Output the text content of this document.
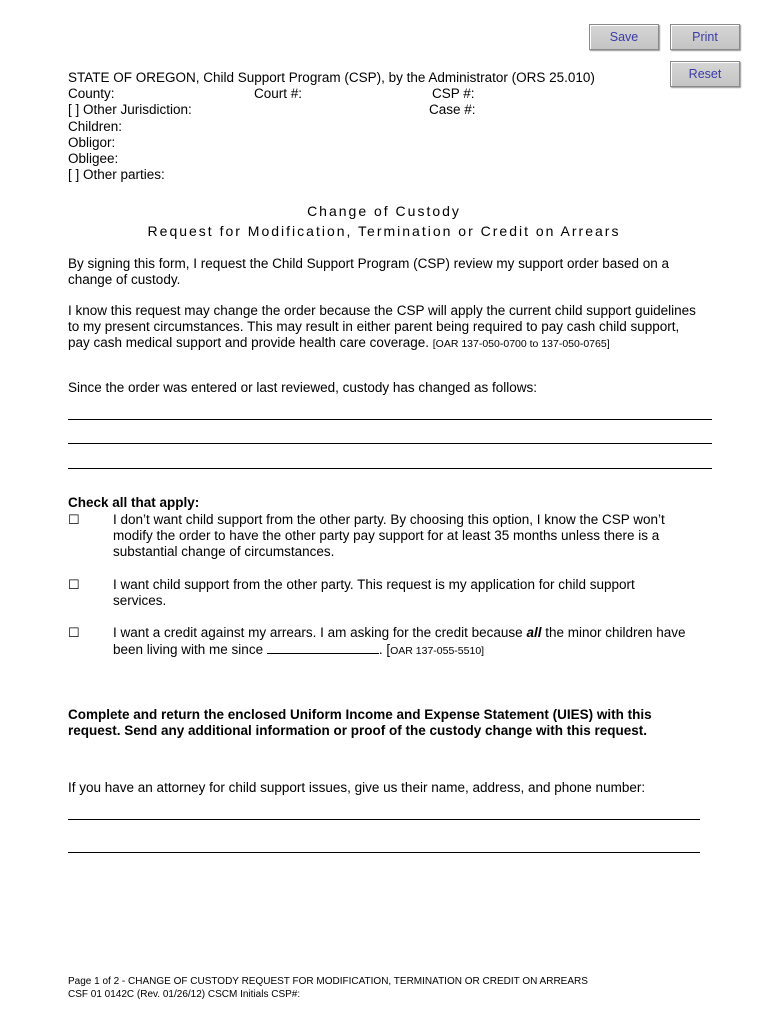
Save	Print
Reset
STATE OF OREGON, Child Support Program (CSP), by the Administrator (ORS 25.010)
County:	Court #:	CSP #:
[ ] Other Jurisdiction:	Case #:
Children:
Obligor:
Obligee:
[ ] Other parties:
Change of Custody
Request for Modification, Termination or Credit on Arrears
By signing this form, I request the Child Support Program (CSP) review my support order based on a change of custody.
I know this request may change the order because the CSP will apply the current child support guidelines to my present circumstances. This may result in either parent being required to pay cash child support, pay cash medical support and provide health care coverage. [OAR 137-050-0700 to 137-050-0765]
Since the order was entered or last reviewed, custody has changed as follows:
Check all that apply:
☐ I don’t want child support from the other party. By choosing this option, I know the CSP won’t modify the order to have the other party pay support for at least 35 months unless there is a substantial change of circumstances.
☐ I want child support from the other party. This request is my application for child support services.
☐ I want a credit against my arrears. I am asking for the credit because all the minor children have been living with me since	. [OAR 137-055-5510]
Complete and return the enclosed Uniform Income and Expense Statement (UIES) with this request. Send any additional information or proof of the custody change with this request.
If you have an attorney for child support issues, give us their name, address, and phone number:
Page 1 of 2 - CHANGE OF CUSTODY REQUEST FOR MODIFICATION, TERMINATION OR CREDIT ON ARREARS
CSF 01 0142C (Rev. 01/26/12) CSCM Initials CSP#:
